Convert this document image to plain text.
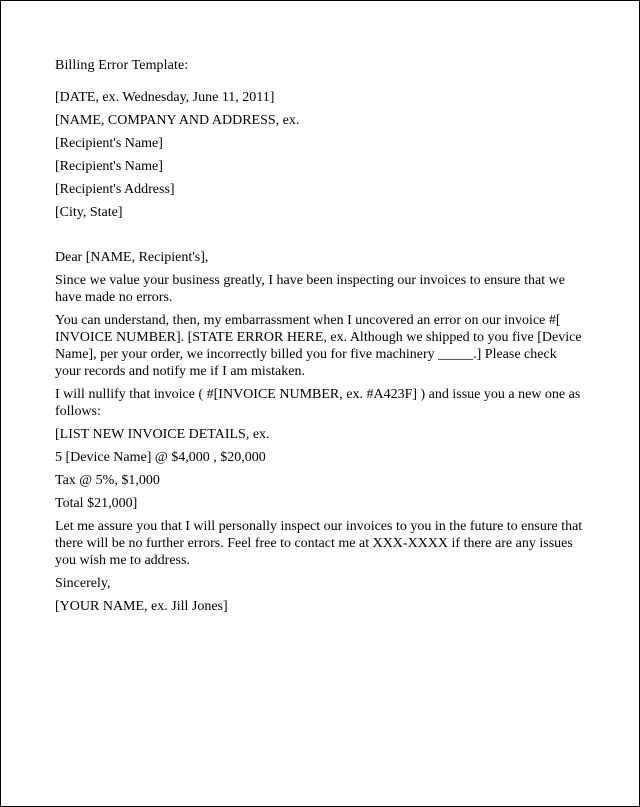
Billing Error Template:
[DATE, ex. Wednesday, June 11, 2011]
[NAME, COMPANY AND ADDRESS, ex.
[Recipient's Name]
[Recipient's Name]
[Recipient's Address]
[City, State]
Dear [NAME, Recipient's],
Since we value your business greatly, I have been inspecting our invoices to ensure that we have made no errors.
You can understand, then, my embarrassment when I uncovered an error on our invoice #[ INVOICE NUMBER]. [STATE ERROR HERE, ex. Although we shipped to you five [Device Name], per your order, we incorrectly billed you for five machinery _____.] Please check your records and notify me if I am mistaken.
I will nullify that invoice ( #[INVOICE NUMBER, ex. #A423F] ) and issue you a new one as follows:
[LIST NEW INVOICE DETAILS, ex.
5 [Device Name] @ $4,000 , $20,000
Tax @ 5%, $1,000
Total $21,000]
Let me assure you that I will personally inspect our invoices to you in the future to ensure that there will be no further errors. Feel free to contact me at XXX-XXXX if there are any issues you wish me to address.
Sincerely,
[YOUR NAME, ex. Jill Jones]
